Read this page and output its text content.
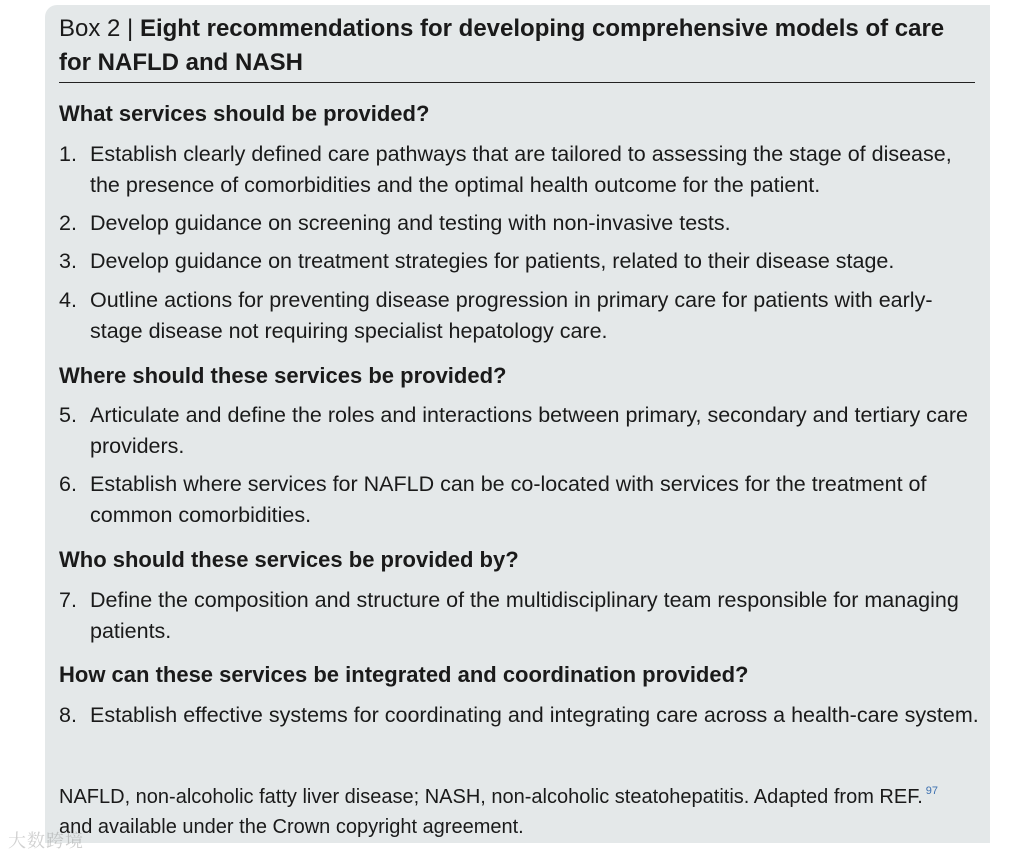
Box 2 | Eight recommendations for developing comprehensive models of care for NAFLD and NASH
What services should be provided?
1. Establish clearly defined care pathways that are tailored to assessing the stage of disease, the presence of comorbidities and the optimal health outcome for the patient.
2. Develop guidance on screening and testing with non-invasive tests.
3. Develop guidance on treatment strategies for patients, related to their disease stage.
4. Outline actions for preventing disease progression in primary care for patients with early-stage disease not requiring specialist hepatology care.
Where should these services be provided?
5. Articulate and define the roles and interactions between primary, secondary and tertiary care providers.
6. Establish where services for NAFLD can be co-located with services for the treatment of common comorbidities.
Who should these services be provided by?
7. Define the composition and structure of the multidisciplinary team responsible for managing patients.
How can these services be integrated and coordination provided?
8. Establish effective systems for coordinating and integrating care across a health-care system.
NAFLD, non-alcoholic fatty liver disease; NASH, non-alcoholic steatohepatitis. Adapted from REF. $^{97}$ and available under the Crown copyright agreement.
大数跨境
